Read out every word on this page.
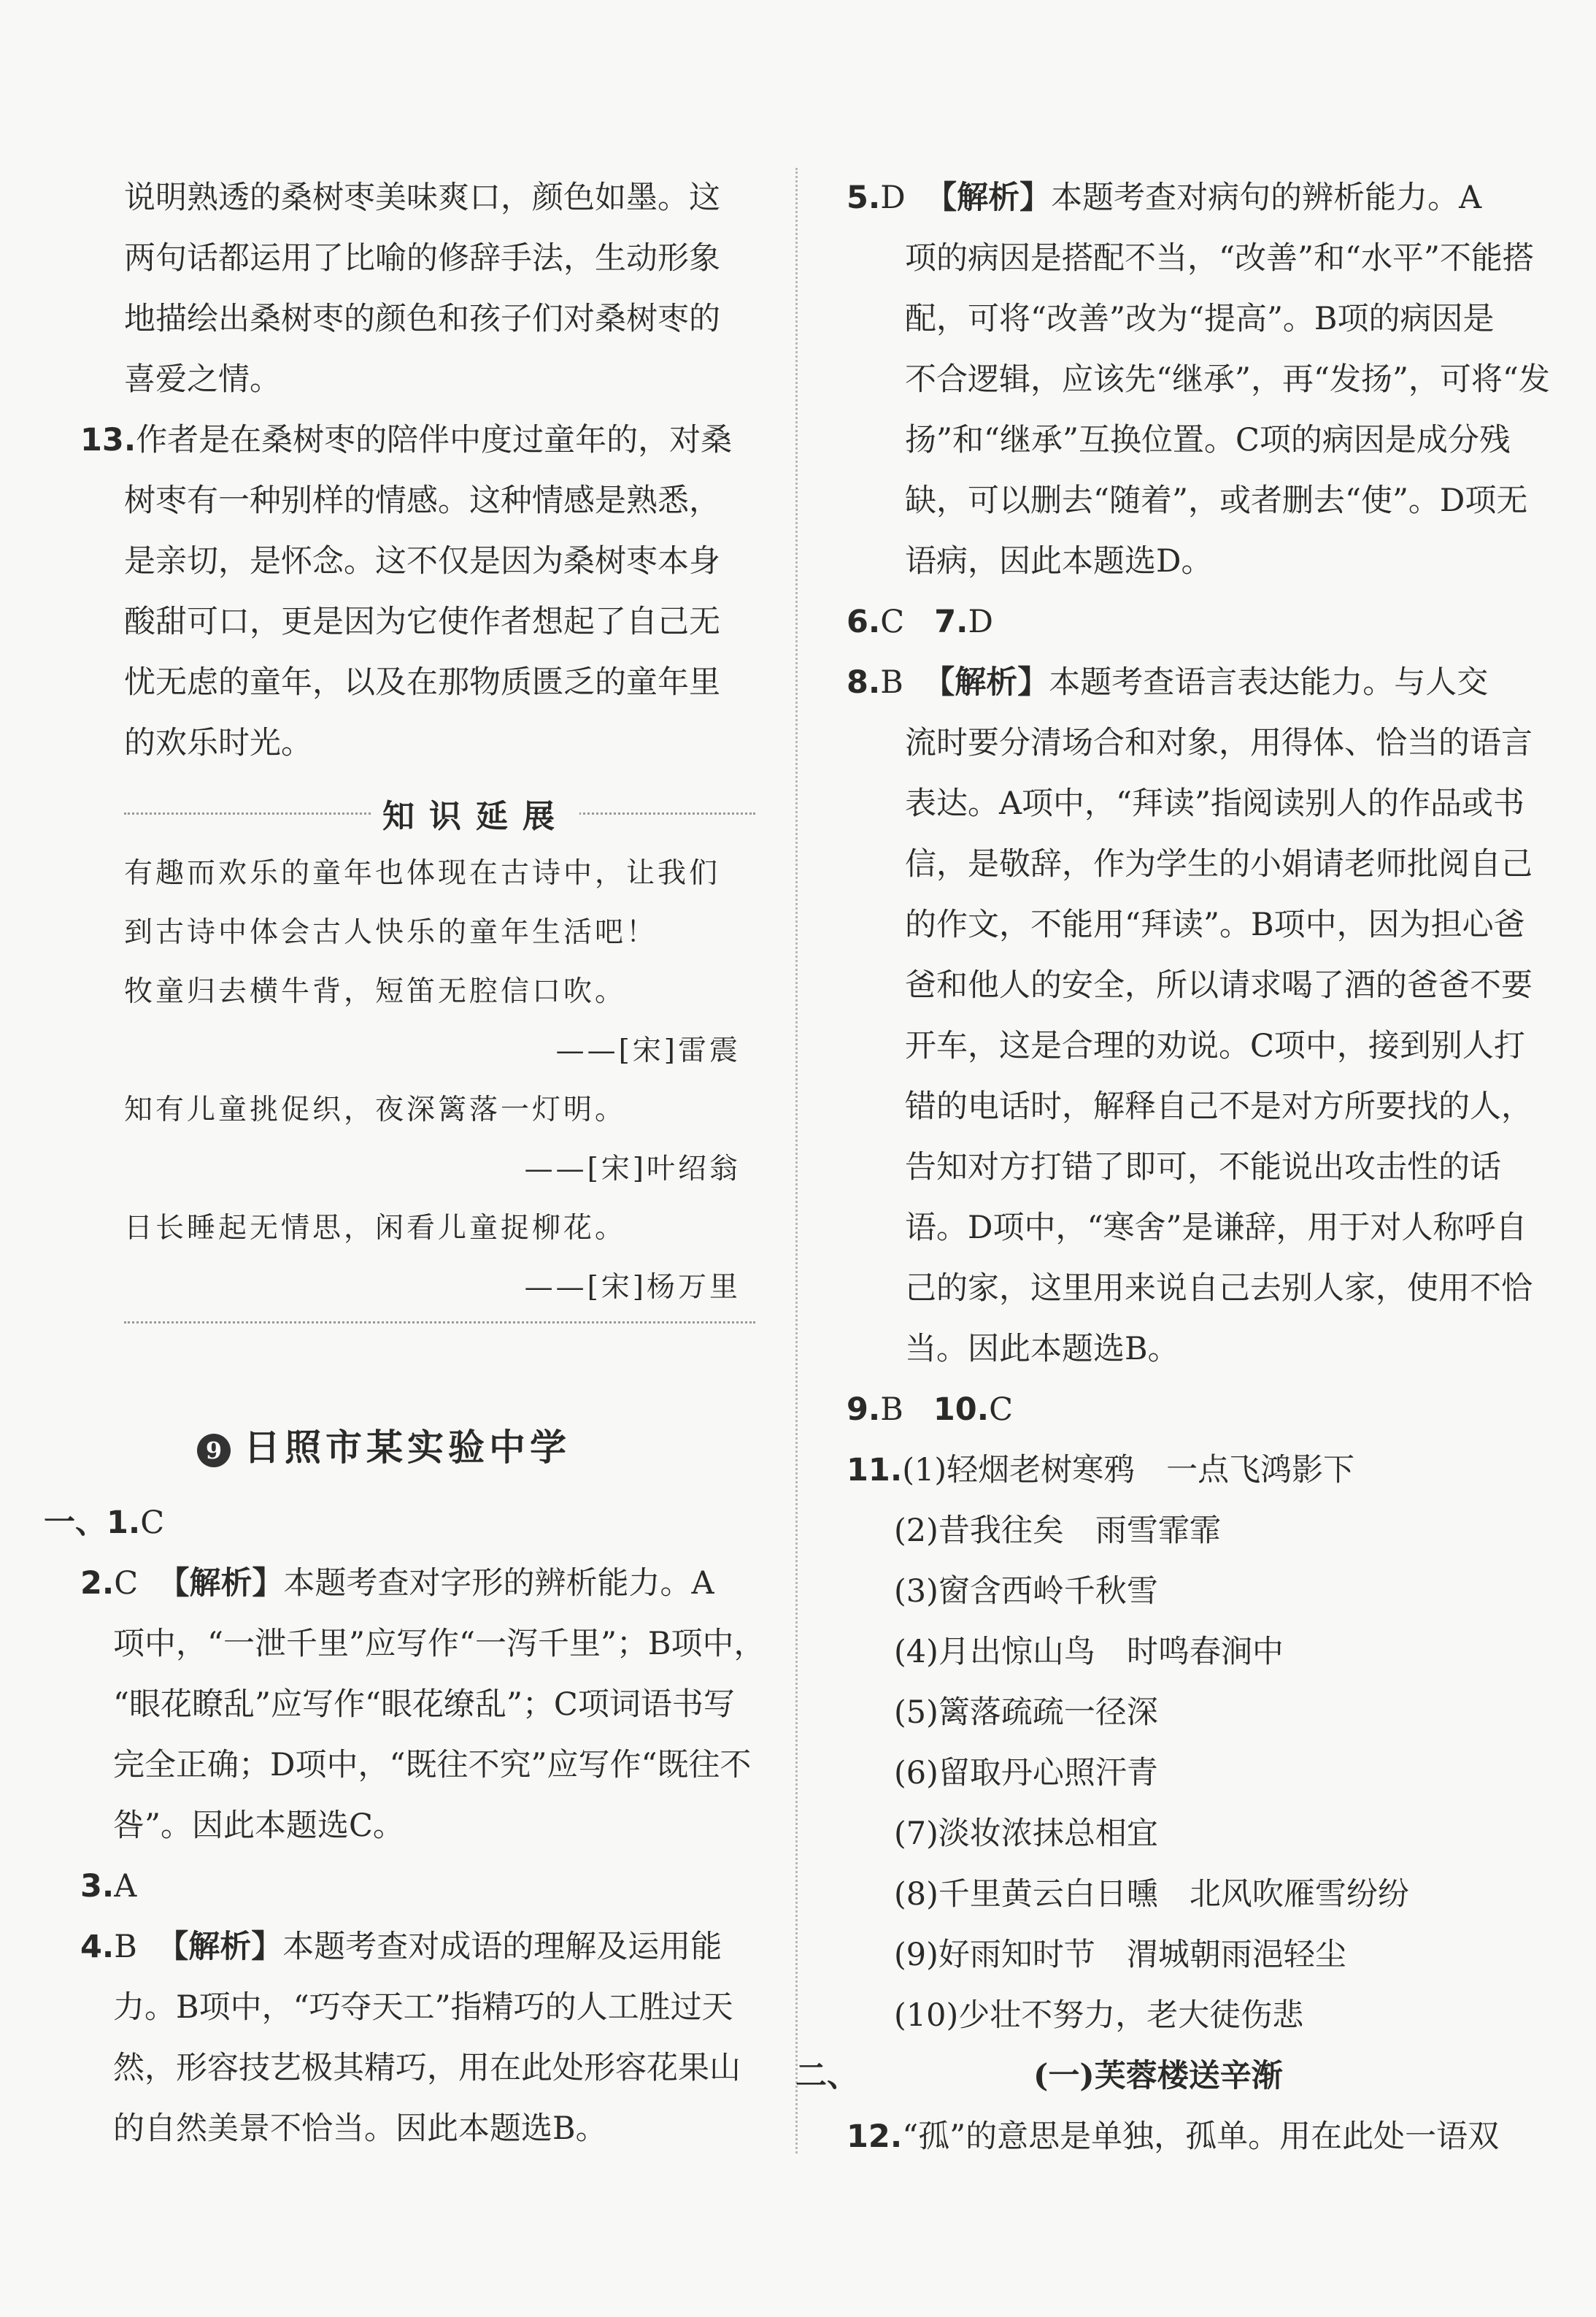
说明熟透的桑树枣美味爽口，颜色如墨。这

两句话都运用了比喻的修辞手法，生动形象

地描绘出桑树枣的颜色和孩子们对桑树枣的

喜爱之情。

13.作者是在桑树枣的陪伴中度过童年的，对桑

树枣有一种别样的情感。这种情感是熟悉，

是亲切，是怀念。这不仅是因为桑树枣本身

酸甜可口，更是因为它使作者想起了自己无

忧无虑的童年，以及在那物质匮乏的童年里

的欢乐时光。

知识延展

有趣而欢乐的童年也体现在古诗中，让我们

到古诗中体会古人快乐的童年生活吧！

牧童归去横牛背，短笛无腔信口吹。

——[宋]雷震

知有儿童挑促织，夜深篱落一灯明。

——[宋]叶绍翁

日长睡起无情思，闲看儿童捉柳花。

——[宋]杨万里

9 日照市某实验中学

一、1.C

2.C 【解析】本题考查对字形的辨析能力。A

项中，“一泄千里”应写作“一泻千里”；B项中，

“眼花瞭乱”应写作“眼花缭乱”；C项词语书写

完全正确；D项中，“既往不究”应写作“既往不

咎”。因此本题选C。

3.A

4.B 【解析】本题考查对成语的理解及运用能

力。B项中，“巧夺天工”指精巧的人工胜过天

然，形容技艺极其精巧，用在此处形容花果山

的自然美景不恰当。因此本题选B。

5.D 【解析】本题考查对病句的辨析能力。A

项的病因是搭配不当，“改善”和“水平”不能搭

配，可将“改善”改为“提高”。B项的病因是

不合逻辑，应该先“继承”，再“发扬”，可将“发

扬”和“继承”互换位置。C项的病因是成分残

缺，可以删去“随着”，或者删去“使”。D项无

语病，因此本题选D。

6.C 7.D

8.B 【解析】本题考查语言表达能力。与人交

流时要分清场合和对象，用得体、恰当的语言

表达。A项中，“拜读”指阅读别人的作品或书

信，是敬辞，作为学生的小娟请老师批阅自己

的作文，不能用“拜读”。B项中，因为担心爸

爸和他人的安全，所以请求喝了酒的爸爸不要

开车，这是合理的劝说。C项中，接到别人打

错的电话时，解释自己不是对方所要找的人，

告知对方打错了即可，不能说出攻击性的话

语。D项中，“寒舍”是谦辞，用于对人称呼自

己的家，这里用来说自己去别人家，使用不恰

当。因此本题选B。

9.B 10.C

11.(1)轻烟老树寒鸦　一点飞鸿影下

(2)昔我往矣　雨雪霏霏

(3)窗含西岭千秋雪

(4)月出惊山鸟　时鸣春涧中

(5)篱落疏疏一径深

(6)留取丹心照汗青

(7)淡妆浓抹总相宜

(8)千里黄云白日曛　北风吹雁雪纷纷

(9)好雨知时节　渭城朝雨浥轻尘

(10)少壮不努力，老大徒伤悲

二、	(一)芙蓉楼送辛渐

12.“孤”的意思是单独，孤单。用在此处一语双
